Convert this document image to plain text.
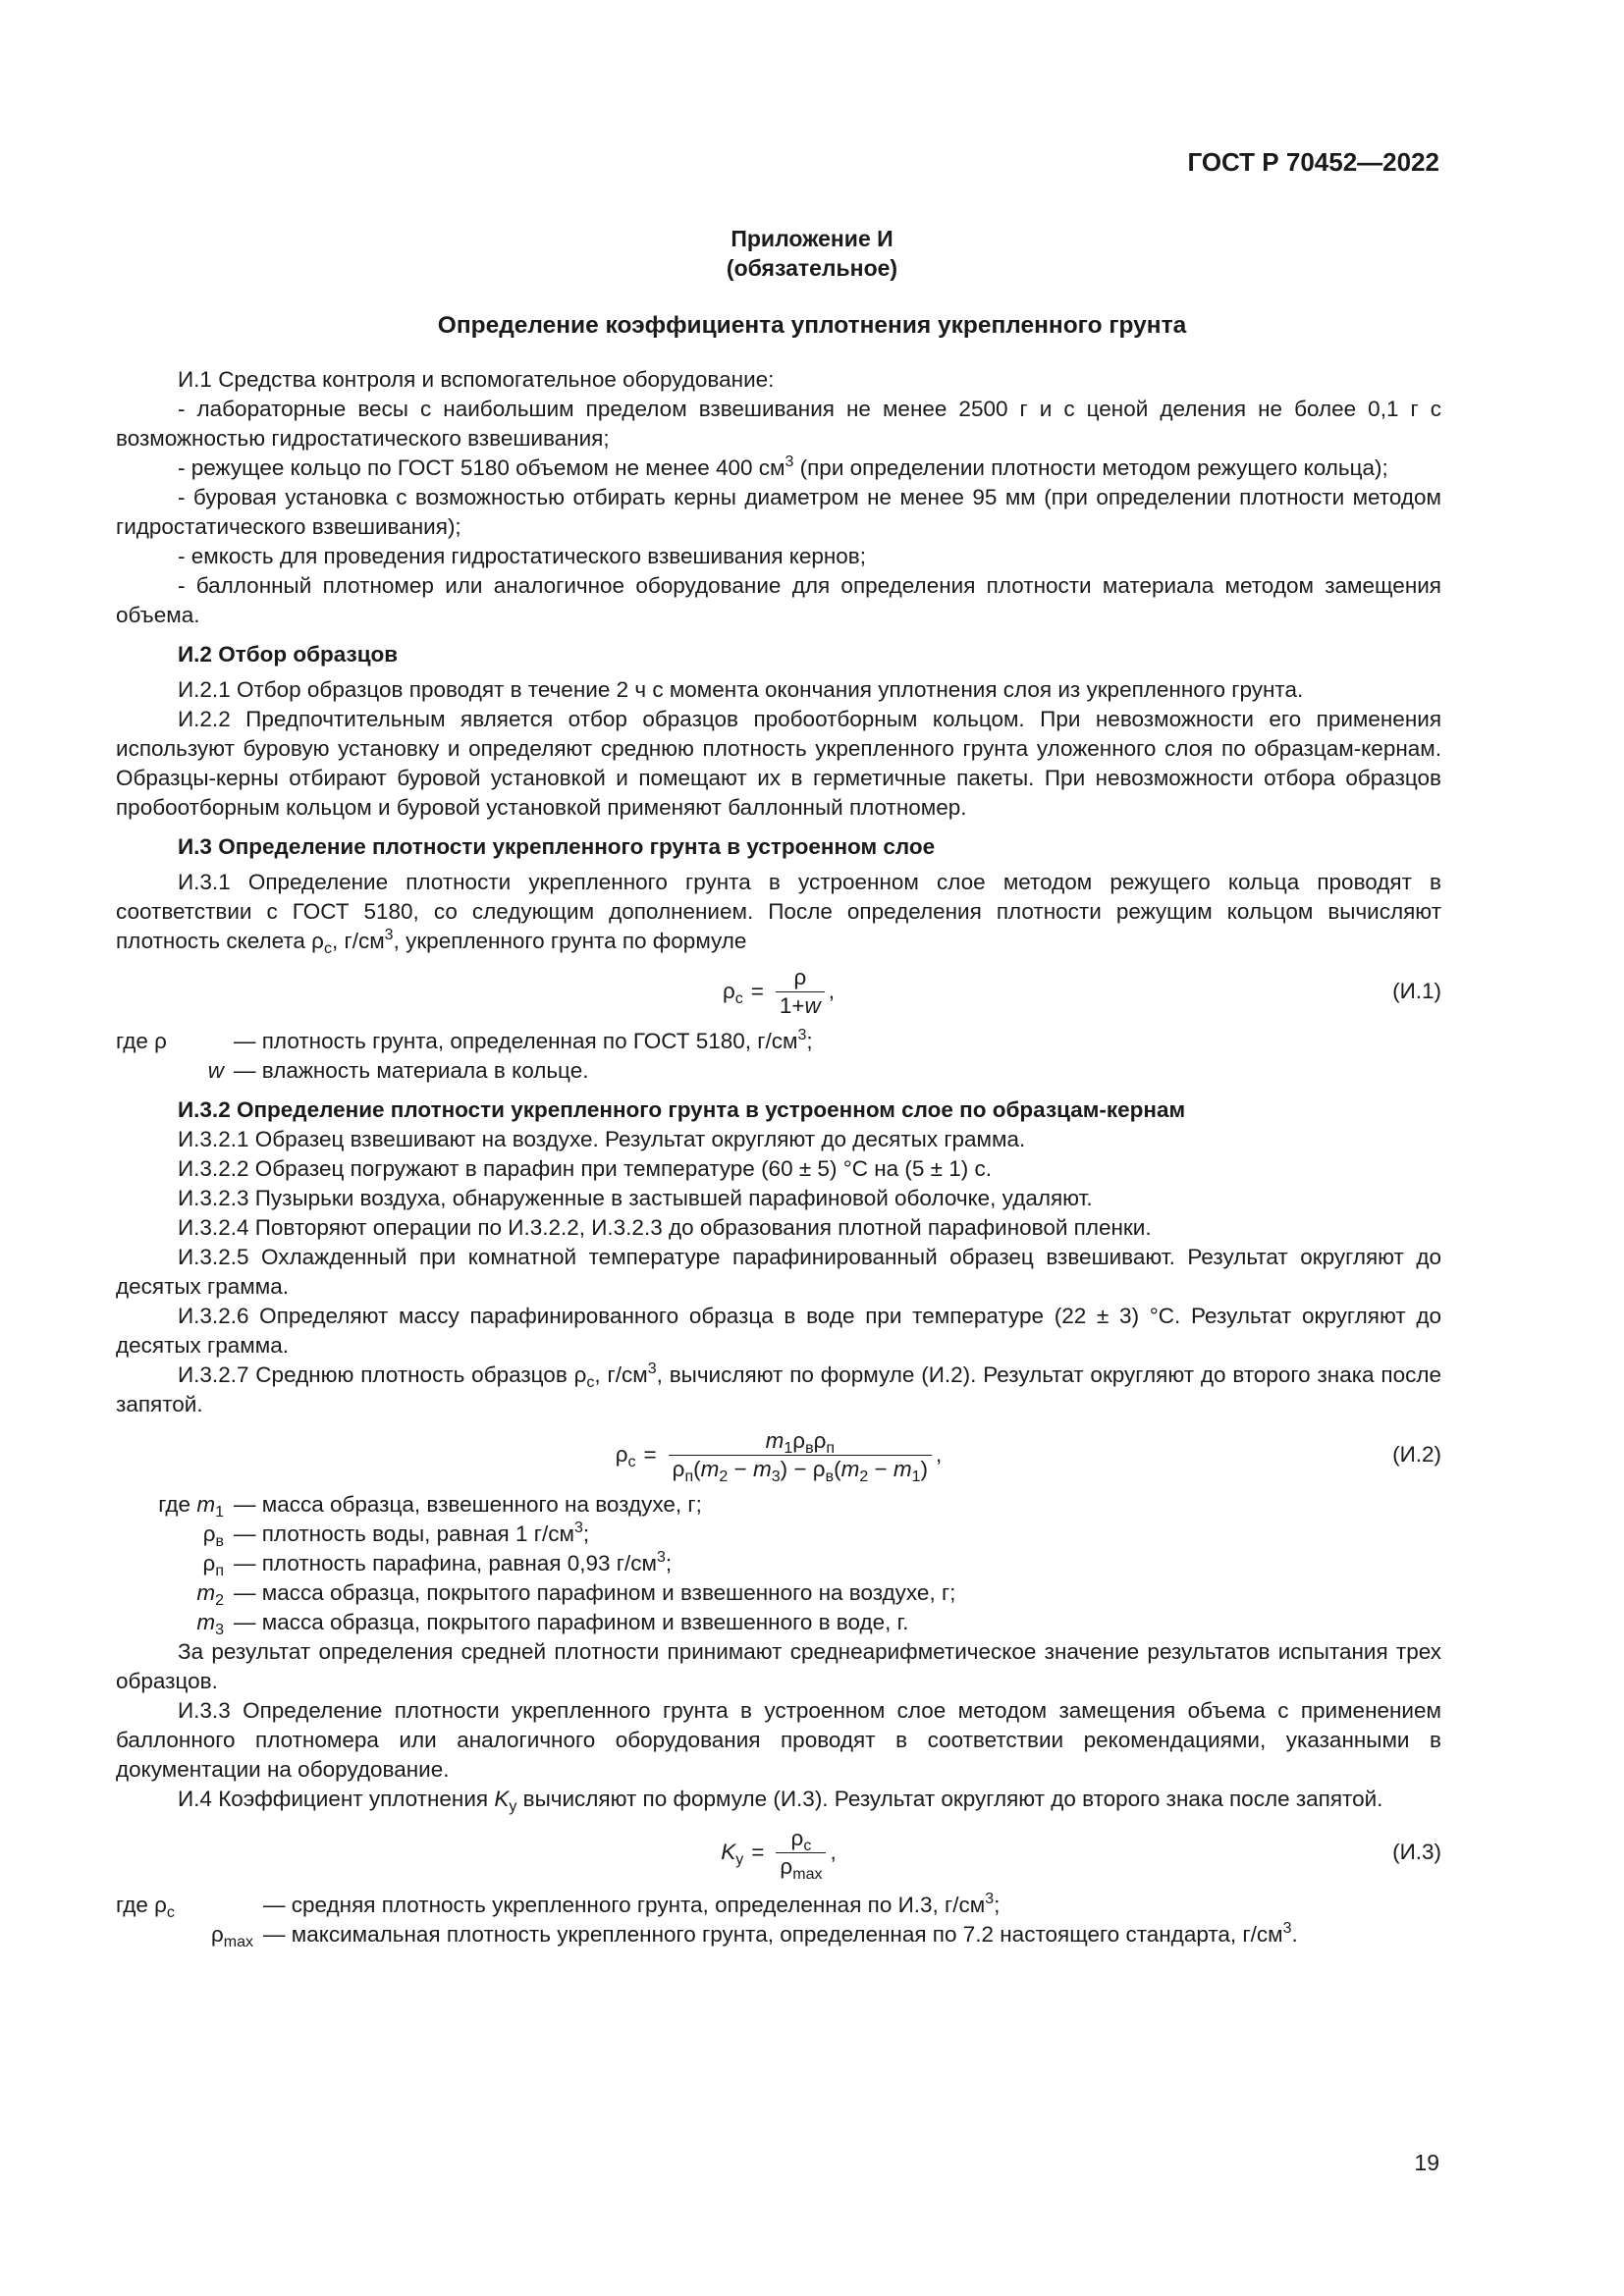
ГОСТ Р 70452—2022
Приложение И
(обязательное)
Определение коэффициента уплотнения укрепленного грунта

И.1 Средства контроля и вспомогательное оборудование:

- лабораторные весы с наибольшим пределом взвешивания не менее 2500 г и с ценой деления не более 0,1 г с возможностью гидростатического взвешивания;

- режущее кольцо по ГОСТ 5180 объемом не менее 400 $см^3$ (при определении плотности методом режущего кольца);

- буровая установка с возможностью отбирать керны диаметром не менее 95 мм (при определении плотности методом гидростатического взвешивания);

- емкость для проведения гидростатического взвешивания кернов;

- баллонный плотномер или аналогичное оборудование для определения плотности материала методом замещения объема.

И.2 Отбор образцов

И.2.1 Отбор образцов проводят в течение 2 ч с момента окончания уплотнения слоя из укрепленного грунта.

И.2.2 Предпочтительным является отбор образцов пробоотборным кольцом. При невозможности его применения используют буровую установку и определяют среднюю плотность укрепленного грунта уложенного слоя по образцам-кернам. Образцы-керны отбирают буровой установкой и помещают их в герметичные пакеты. При невозможности отбора образцов пробоотборным кольцом и буровой установкой применяют баллонный плотномер.

И.3 Определение плотности укрепленного грунта в устроенном слое

И.3.1 Определение плотности укрепленного грунта в устроенном слое методом режущего кольца проводят в соответствии с ГОСТ 5180, со следующим дополнением. После определения плотности режущим кольцом вычисляют плотность скелета $\rho_с$, $г/см^3$, укрепленного грунта по формуле

$\rho_с = \frac{\rho}{1+w}$ ,	(И.1)
где ρ	— плотность грунта, определенная по ГОСТ 5180, $г/см^3$;
w — влажность материала в кольце.

И.3.2 Определение плотности укрепленного грунта в устроенном слое по образцам-кернам

И.3.2.1 Образец взвешивают на воздухе. Результат округляют до десятых грамма.

И.3.2.2 Образец погружают в парафин при температуре (60 ± 5) °С на (5 ± 1) с.

И.3.2.3 Пузырьки воздуха, обнаруженные в застывшей парафиновой оболочке, удаляют.

И.3.2.4 Повторяют операции по И.3.2.2, И.3.2.3 до образования плотной парафиновой пленки.

И.3.2.5 Охлажденный при комнатной температуре парафинированный образец взвешивают. Результат округляют до десятых грамма.

И.3.2.6 Определяют массу парафинированного образца в воде при температуре (22 ± 3) °С. Результат округляют до десятых грамма.

И.3.2.7 Среднюю плотность образцов $\rho_с$, $г/см^3$, вычисляют по формуле (И.2). Результат округляют до второго знака после запятой.

$\rho_с = \frac{m_1\rho_в\rho_п}{\rho_п(m_2 - m_3) - \rho_в(m_2 - m_1)}$ ,	(И.2)
где $m_1$ — масса образца, взвешенного на воздухе, г;
$\rho_в$ — плотность воды, равная 1 $г/см^3$;
$\rho_п$ — плотность парафина, равная 0,93 $г/см^3$;
$m_2$ — масса образца, покрытого парафином и взвешенного на воздухе, г;
$m_3$ — масса образца, покрытого парафином и взвешенного в воде, г.

За результат определения средней плотности принимают среднеарифметическое значение результатов испытания трех образцов.

И.3.3 Определение плотности укрепленного грунта в устроенном слое методом замещения объема с применением баллонного плотномера или аналогичного оборудования проводят в соответствии рекомендациями, указанными в документации на оборудование.

И.4 Коэффициент уплотнения $K_у$ вычисляют по формуле (И.3). Результат округляют до второго знака после запятой.

$K_у = \frac{\rho_с}{\rho_{max}}$ ,	(И.3)
где $\rho_с$	— средняя плотность укрепленного грунта, определенная по И.3, $г/см^3$;
$\rho_{max}$ — максимальная плотность укрепленного грунта, определенная по 7.2 настоящего стандарта, $г/см^3$.
19
